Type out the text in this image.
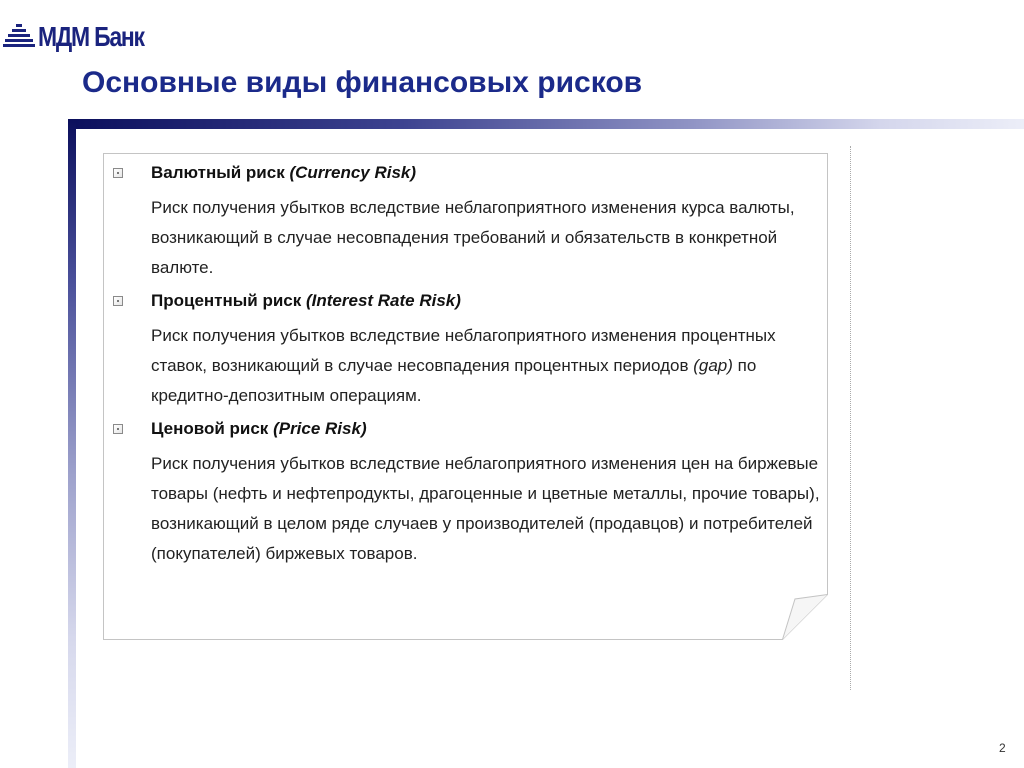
МДМ Банк
Основные виды финансовых рисков
Валютный риск (Currency Risk)
Риск получения убытков вследствие неблагоприятного изменения курса валюты, возникающий в случае несовпадения требований и обязательств в конкретной валюте.
Процентный риск (Interest Rate Risk)
Риск получения убытков вследствие неблагоприятного изменения процентных ставок, возникающий в случае несовпадения процентных периодов (gap) по кредитно-депозитным операциям.
Ценовой риск (Price Risk)
Риск получения убытков вследствие неблагоприятного изменения цен на биржевые товары (нефть и нефтепродукты, драгоценные и цветные металлы, прочие товары), возникающий в целом ряде случаев у производителей (продавцов) и потребителей (покупателей) биржевых товаров.
2
